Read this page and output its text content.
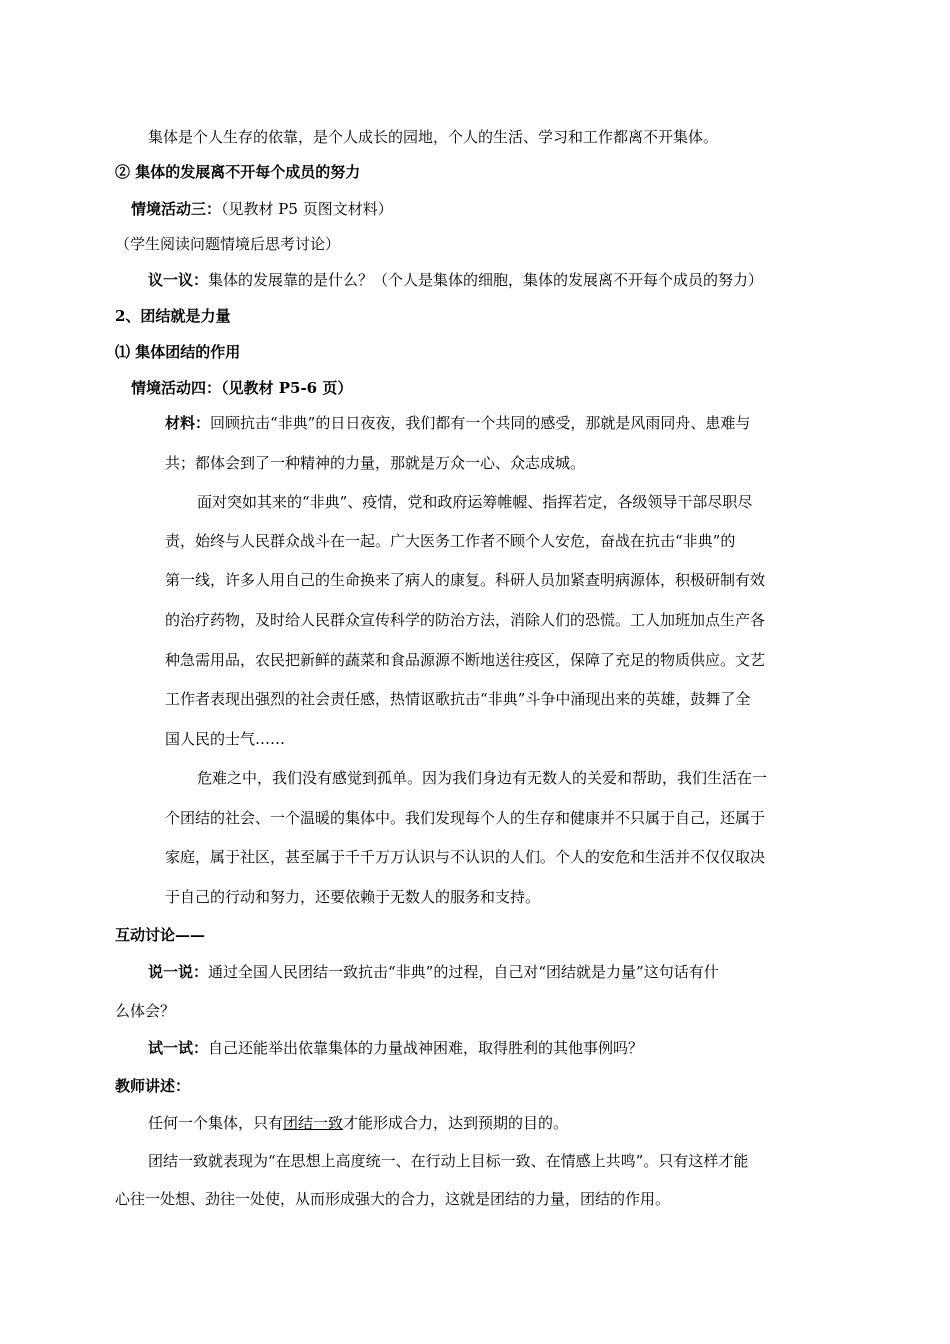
集体是个人生存的依靠，是个人成长的园地，个人的生活、学习和工作都离不开集体。
② 集体的发展离不开每个成员的努力
情境活动三：（见教材 P5 页图文材料）
（学生阅读问题情境后思考讨论）
议一议：集体的发展靠的是什么？（个人是集体的细胞，集体的发展离不开每个成员的努力）
2、团结就是力量
⑴ 集体团结的作用
情境活动四：（见教材 P5-6 页）
材料：回顾抗击“非典”的日日夜夜，我们都有一个共同的感受，那就是风雨同舟、患难与
共；都体会到了一种精神的力量，那就是万众一心、众志成城。
面对突如其来的“非典”、疫情，党和政府运筹帷幄、指挥若定，各级领导干部尽职尽
责，始终与人民群众战斗在一起。广大医务工作者不顾个人安危，奋战在抗击“非典”的
第一线，许多人用自己的生命换来了病人的康复。科研人员加紧查明病源体，积极研制有效
的治疗药物，及时给人民群众宣传科学的防治方法，消除人们的恐慌。工人加班加点生产各
种急需用品，农民把新鲜的蔬菜和食品源源不断地送往疫区，保障了充足的物质供应。文艺
工作者表现出强烈的社会责任感，热情讴歌抗击“非典”斗争中涌现出来的英雄，鼓舞了全
国人民的士气……
危难之中，我们没有感觉到孤单。因为我们身边有无数人的关爱和帮助，我们生活在一
个团结的社会、一个温暖的集体中。我们发现每个人的生存和健康并不只属于自己，还属于
家庭，属于社区，甚至属于千千万万认识与不认识的人们。个人的安危和生活并不仅仅取决
于自己的行动和努力，还要依赖于无数人的服务和支持。
互动讨论——
说一说：通过全国人民团结一致抗击“非典”的过程，自己对“团结就是力量”这句话有什
么体会？
试一试：自己还能举出依靠集体的力量战神困难，取得胜利的其他事例吗？
教师讲述：
任何一个集体，只有团结一致才能形成合力，达到预期的目的。
团结一致就表现为“在思想上高度统一、在行动上目标一致、在情感上共鸣”。只有这样才能
心往一处想、劲往一处使，从而形成强大的合力，这就是团结的力量，团结的作用。
